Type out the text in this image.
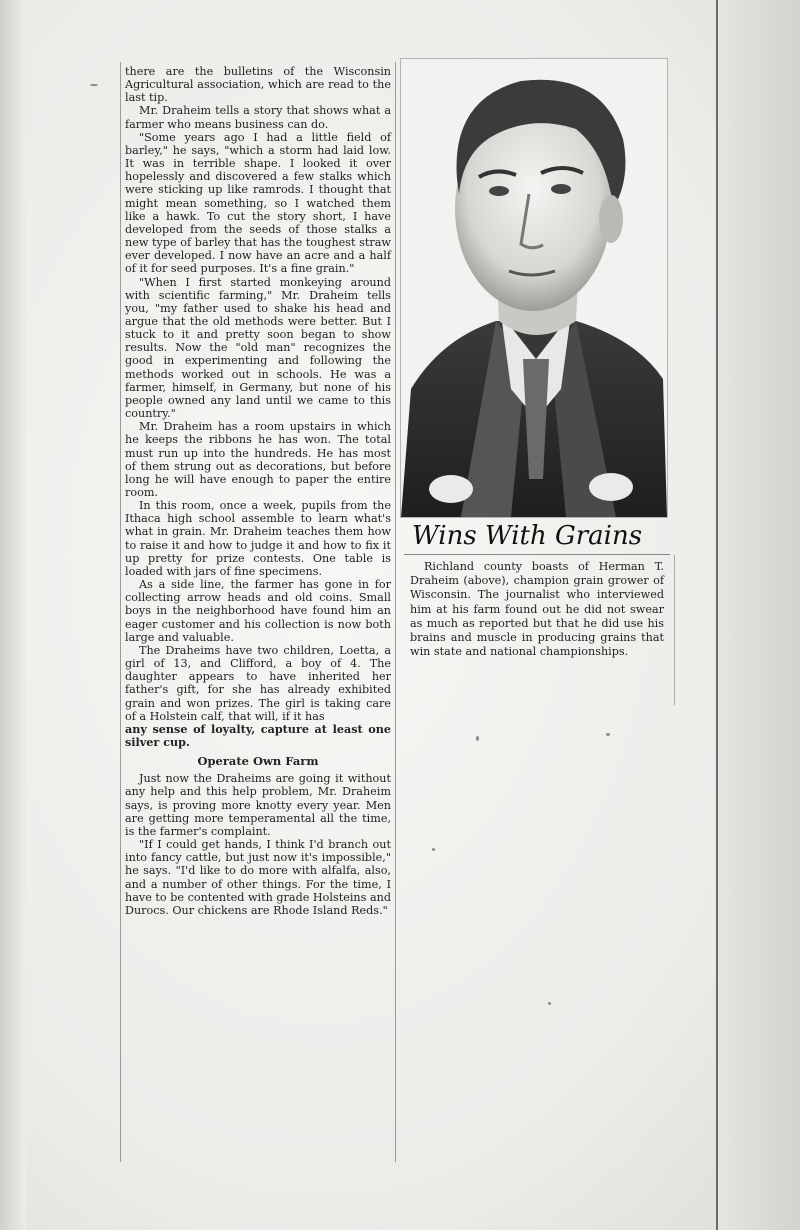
there are the bulletins of the Wisconsin Agricultural association, which are read to the last tip.

Mr. Draheim tells a story that shows what a farmer who means business can do.

"Some years ago I had a little field of barley," he says, "which a storm had laid low. It was in terrible shape. I looked it over hopelessly and discovered a few stalks which were sticking up like ramrods. I thought that might mean something, so I watched them like a hawk. To cut the story short, I have developed from the seeds of those stalks a new type of barley that has the toughest straw ever developed. I now have an acre and a half of it for seed purposes. It's a fine grain."

"When I first started monkeying around with scientific farming," Mr. Draheim tells you, "my father used to shake his head and argue that the old methods were better. But I stuck to it and pretty soon began to show results. Now the "old man" recognizes the good in experimenting and following the methods worked out in schools. He was a farmer, himself, in Germany, but none of his people owned any land until we came to this country."

Mr. Draheim has a room upstairs in which he keeps the ribbons he has won. The total must run up into the hundreds. He has most of them strung out as decorations, but before long he will have enough to paper the entire room.

In this room, once a week, pupils from the Ithaca high school assemble to learn what's what in grain. Mr. Draheim teaches them how to raise it and how to judge it and how to fix it up pretty for prize contests. One table is loaded with jars of fine specimens.

As a side line, the farmer has gone in for collecting arrow heads and old coins. Small boys in the neighborhood have found him an eager customer and his collection is now both large and valuable.

The Draheims have two children, Loetta, a girl of 13, and Clifford, a boy of 4. The daughter appears to have inherited her father's gift, for she has already exhibited grain and won prizes. The girl is taking care of a Holstein calf, that will, if it has

any sense of loyalty, capture at least one silver cup.

Operate Own Farm

Just now the Draheims are going it without any help and this help problem, Mr. Draheim says, is proving more knotty every year. Men are getting more temperamental all the time, is the farmer's complaint.

"If I could get hands, I think I'd branch out into fancy cattle, but just now it's impossible," he says. "I'd like to do more with alfalfa, also, and a number of other things. For the time, I have to be contented with grade Holsteins and Durocs. Our chickens are Rhode Island Reds."

Wins With Grains

Richland county boasts of Herman T. Draheim (above), champion grain grower of Wisconsin. The journalist who interviewed him at his farm found out he did not swear as much as reported but that he did use his brains and muscle in producing grains that win state and national championships.
